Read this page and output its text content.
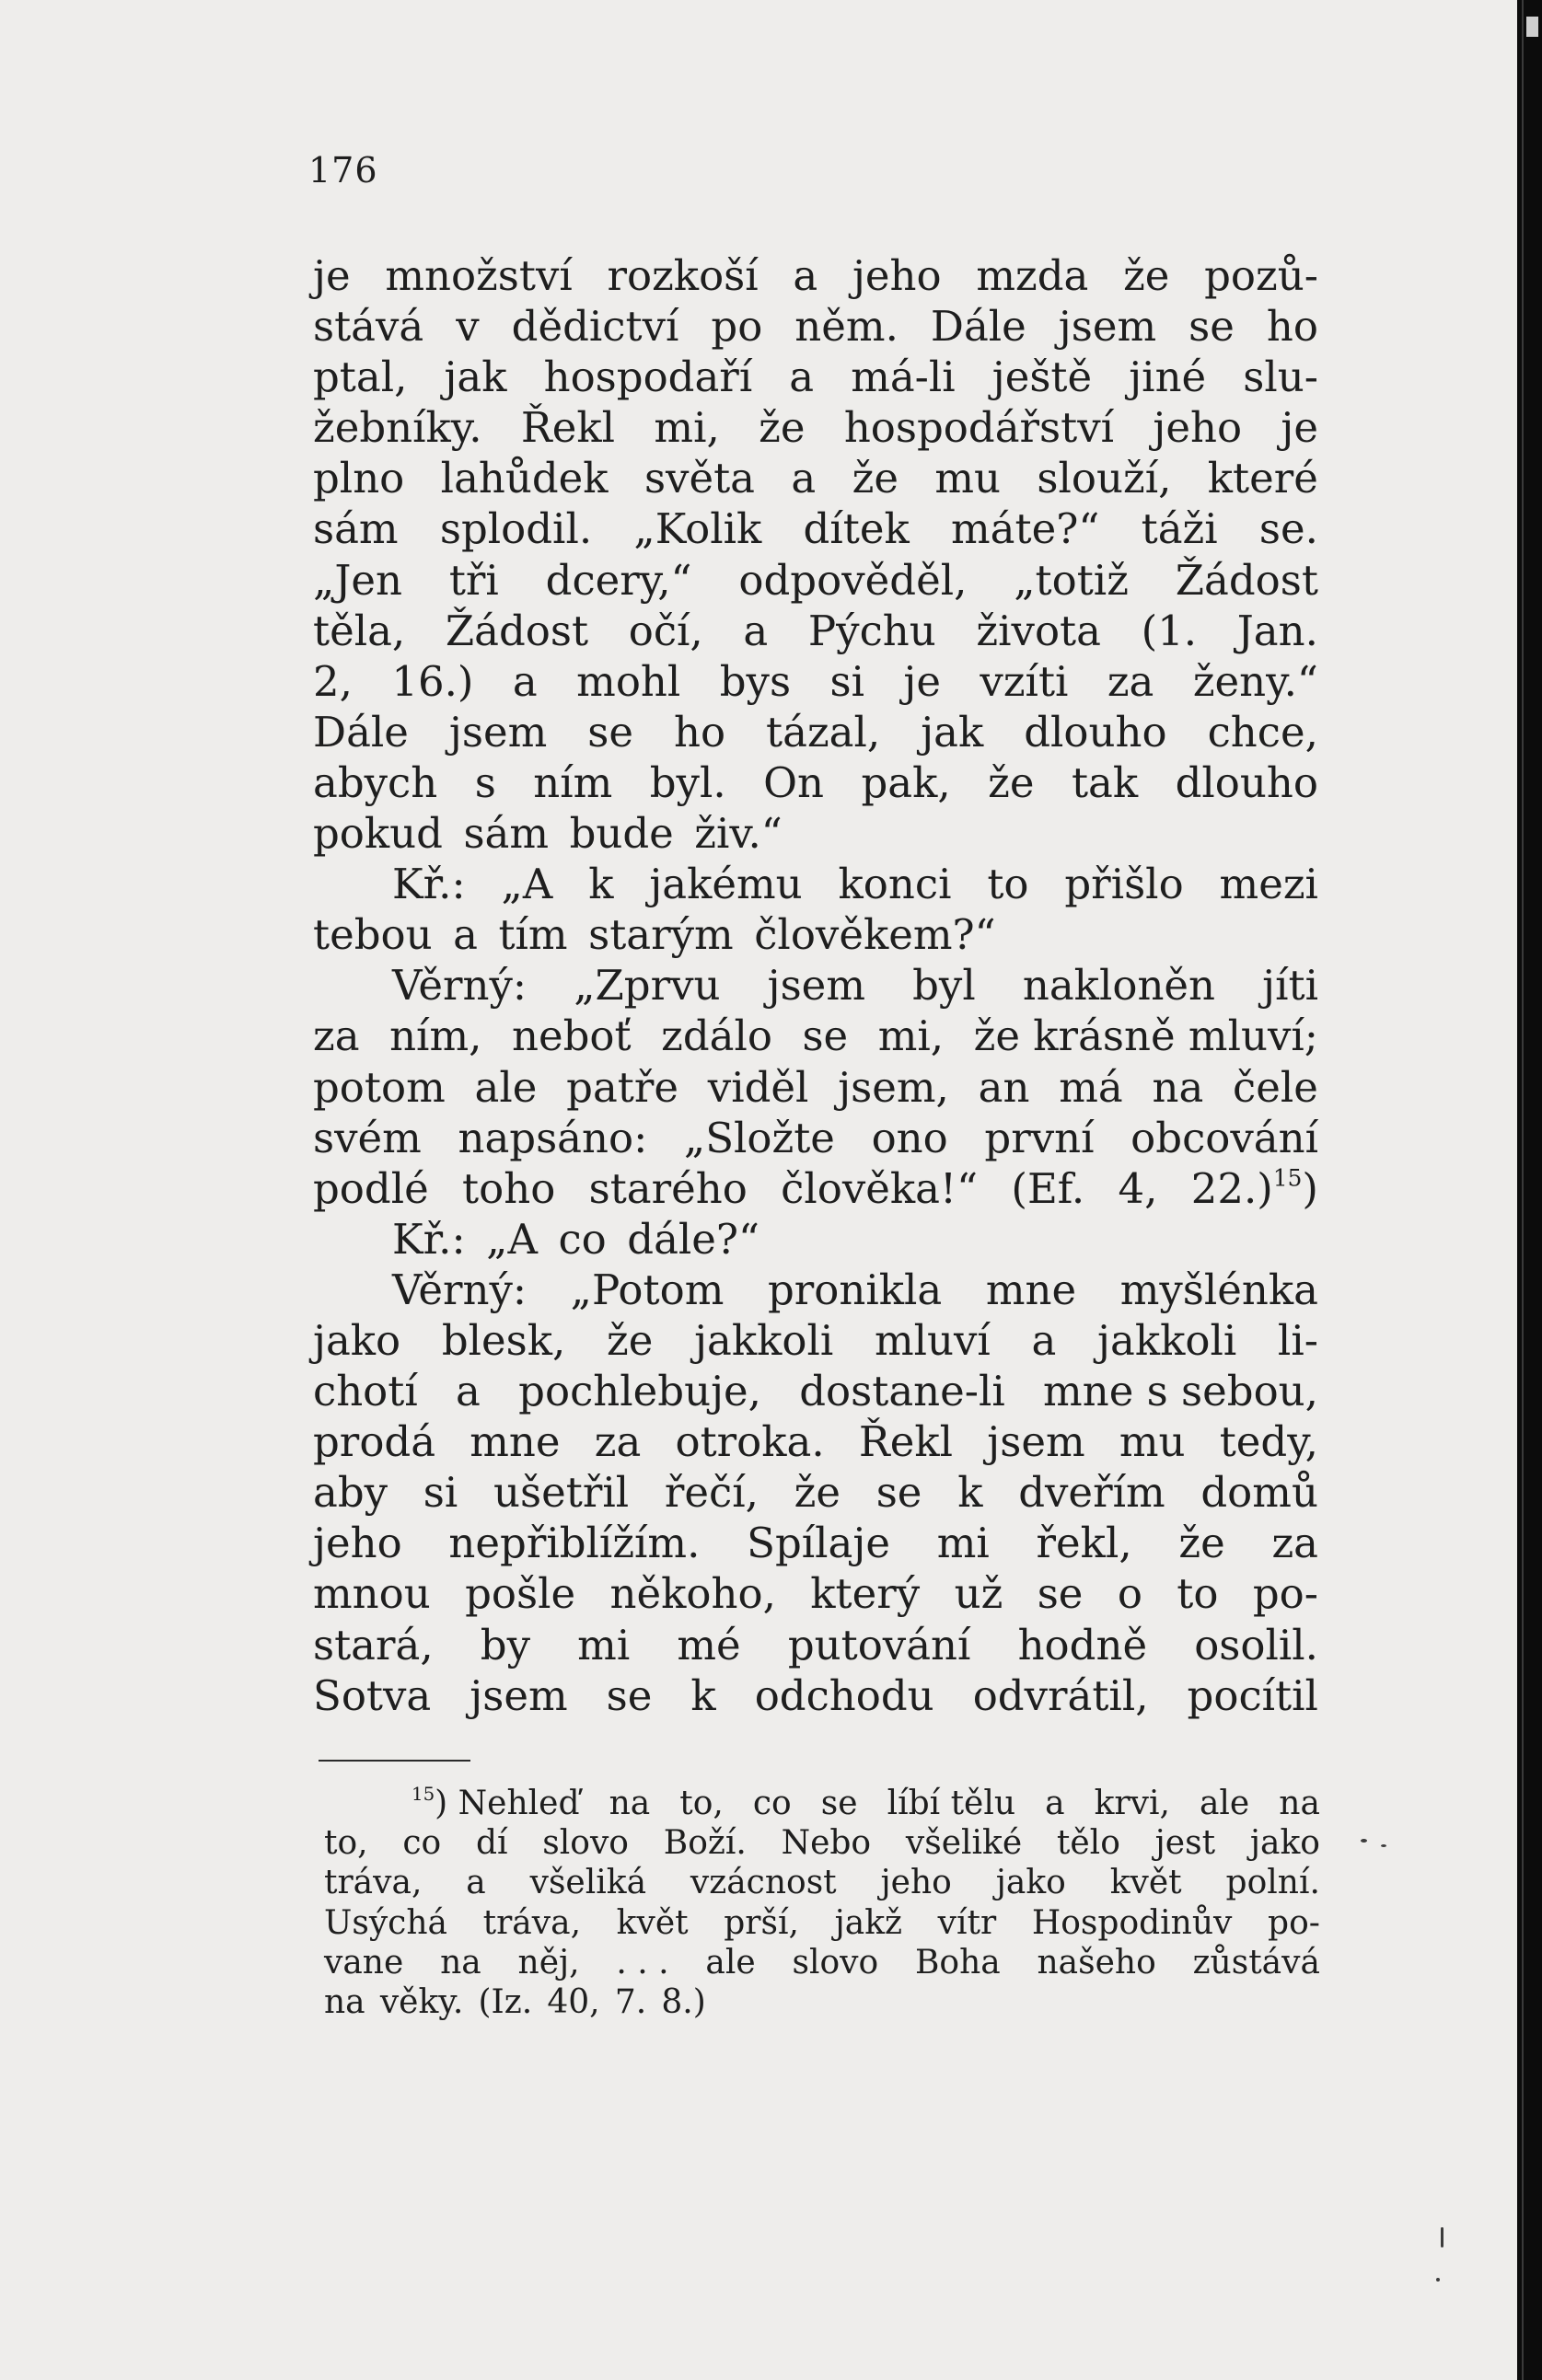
176
je množství rozkoší a jeho mzda že pozů-
stává v dědictví po něm. Dále jsem se ho
ptal, jak hospodaří a má-li ještě jiné slu-
žebníky. Řekl mi, že hospodářství jeho je
plno lahůdek světa a že mu slouží, které
sám splodil. „Kolik dítek máte?“ táži se.
„Jen tři dcery,“ odpověděl, „totiž Žádost
těla, Žádost očí, a Pýchu života (1. Jan.
2, 16.) a mohl bys si je vzíti za ženy.“
Dále jsem se ho tázal, jak dlouho chce,
abych s ním byl. On pak, že tak dlouho
pokud sám bude živ.“
Kř.: „A k jakému konci to přišlo mezi
tebou a tím starým člověkem?“
Věrný: „Zprvu jsem byl nakloněn jíti
za ním, neboť zdálo se mi, že krásně mluví;
potom ale patře viděl jsem, an má na čele
svém napsáno: „Složte ono první obcování
podlé toho starého člověka!“ (Ef. 4, 22.)$^{15}$)
Kř.: „A co dále?“
Věrný: „Potom pronikla mne myšlénka
jako blesk, že jakkoli mluví a jakkoli li-
chotí a pochlebuje, dostane-li mne s sebou,
prodá mne za otroka. Řekl jsem mu tedy,
aby si ušetřil řečí, že se k dveřím domů
jeho nepřiblížím. Spílaje mi řekl, že za
mnou pošle někoho, který už se o to po-
stará, by mi mé putování hodně osolil.
Sotva jsem se k odchodu odvrátil, pocítil
$^{15}$) Nehleď na to, co se líbí tělu a krvi, ale na
to, co dí slovo Boží. Nebo všeliké tělo jest jako
tráva, a všeliká vzácnost jeho jako květ polní.
Usýchá tráva, květ prší, jakž vítr Hospodinův po-
vane na něj, . . . ale slovo Boha našeho zůstává
na věky. (Iz. 40, 7. 8.)
